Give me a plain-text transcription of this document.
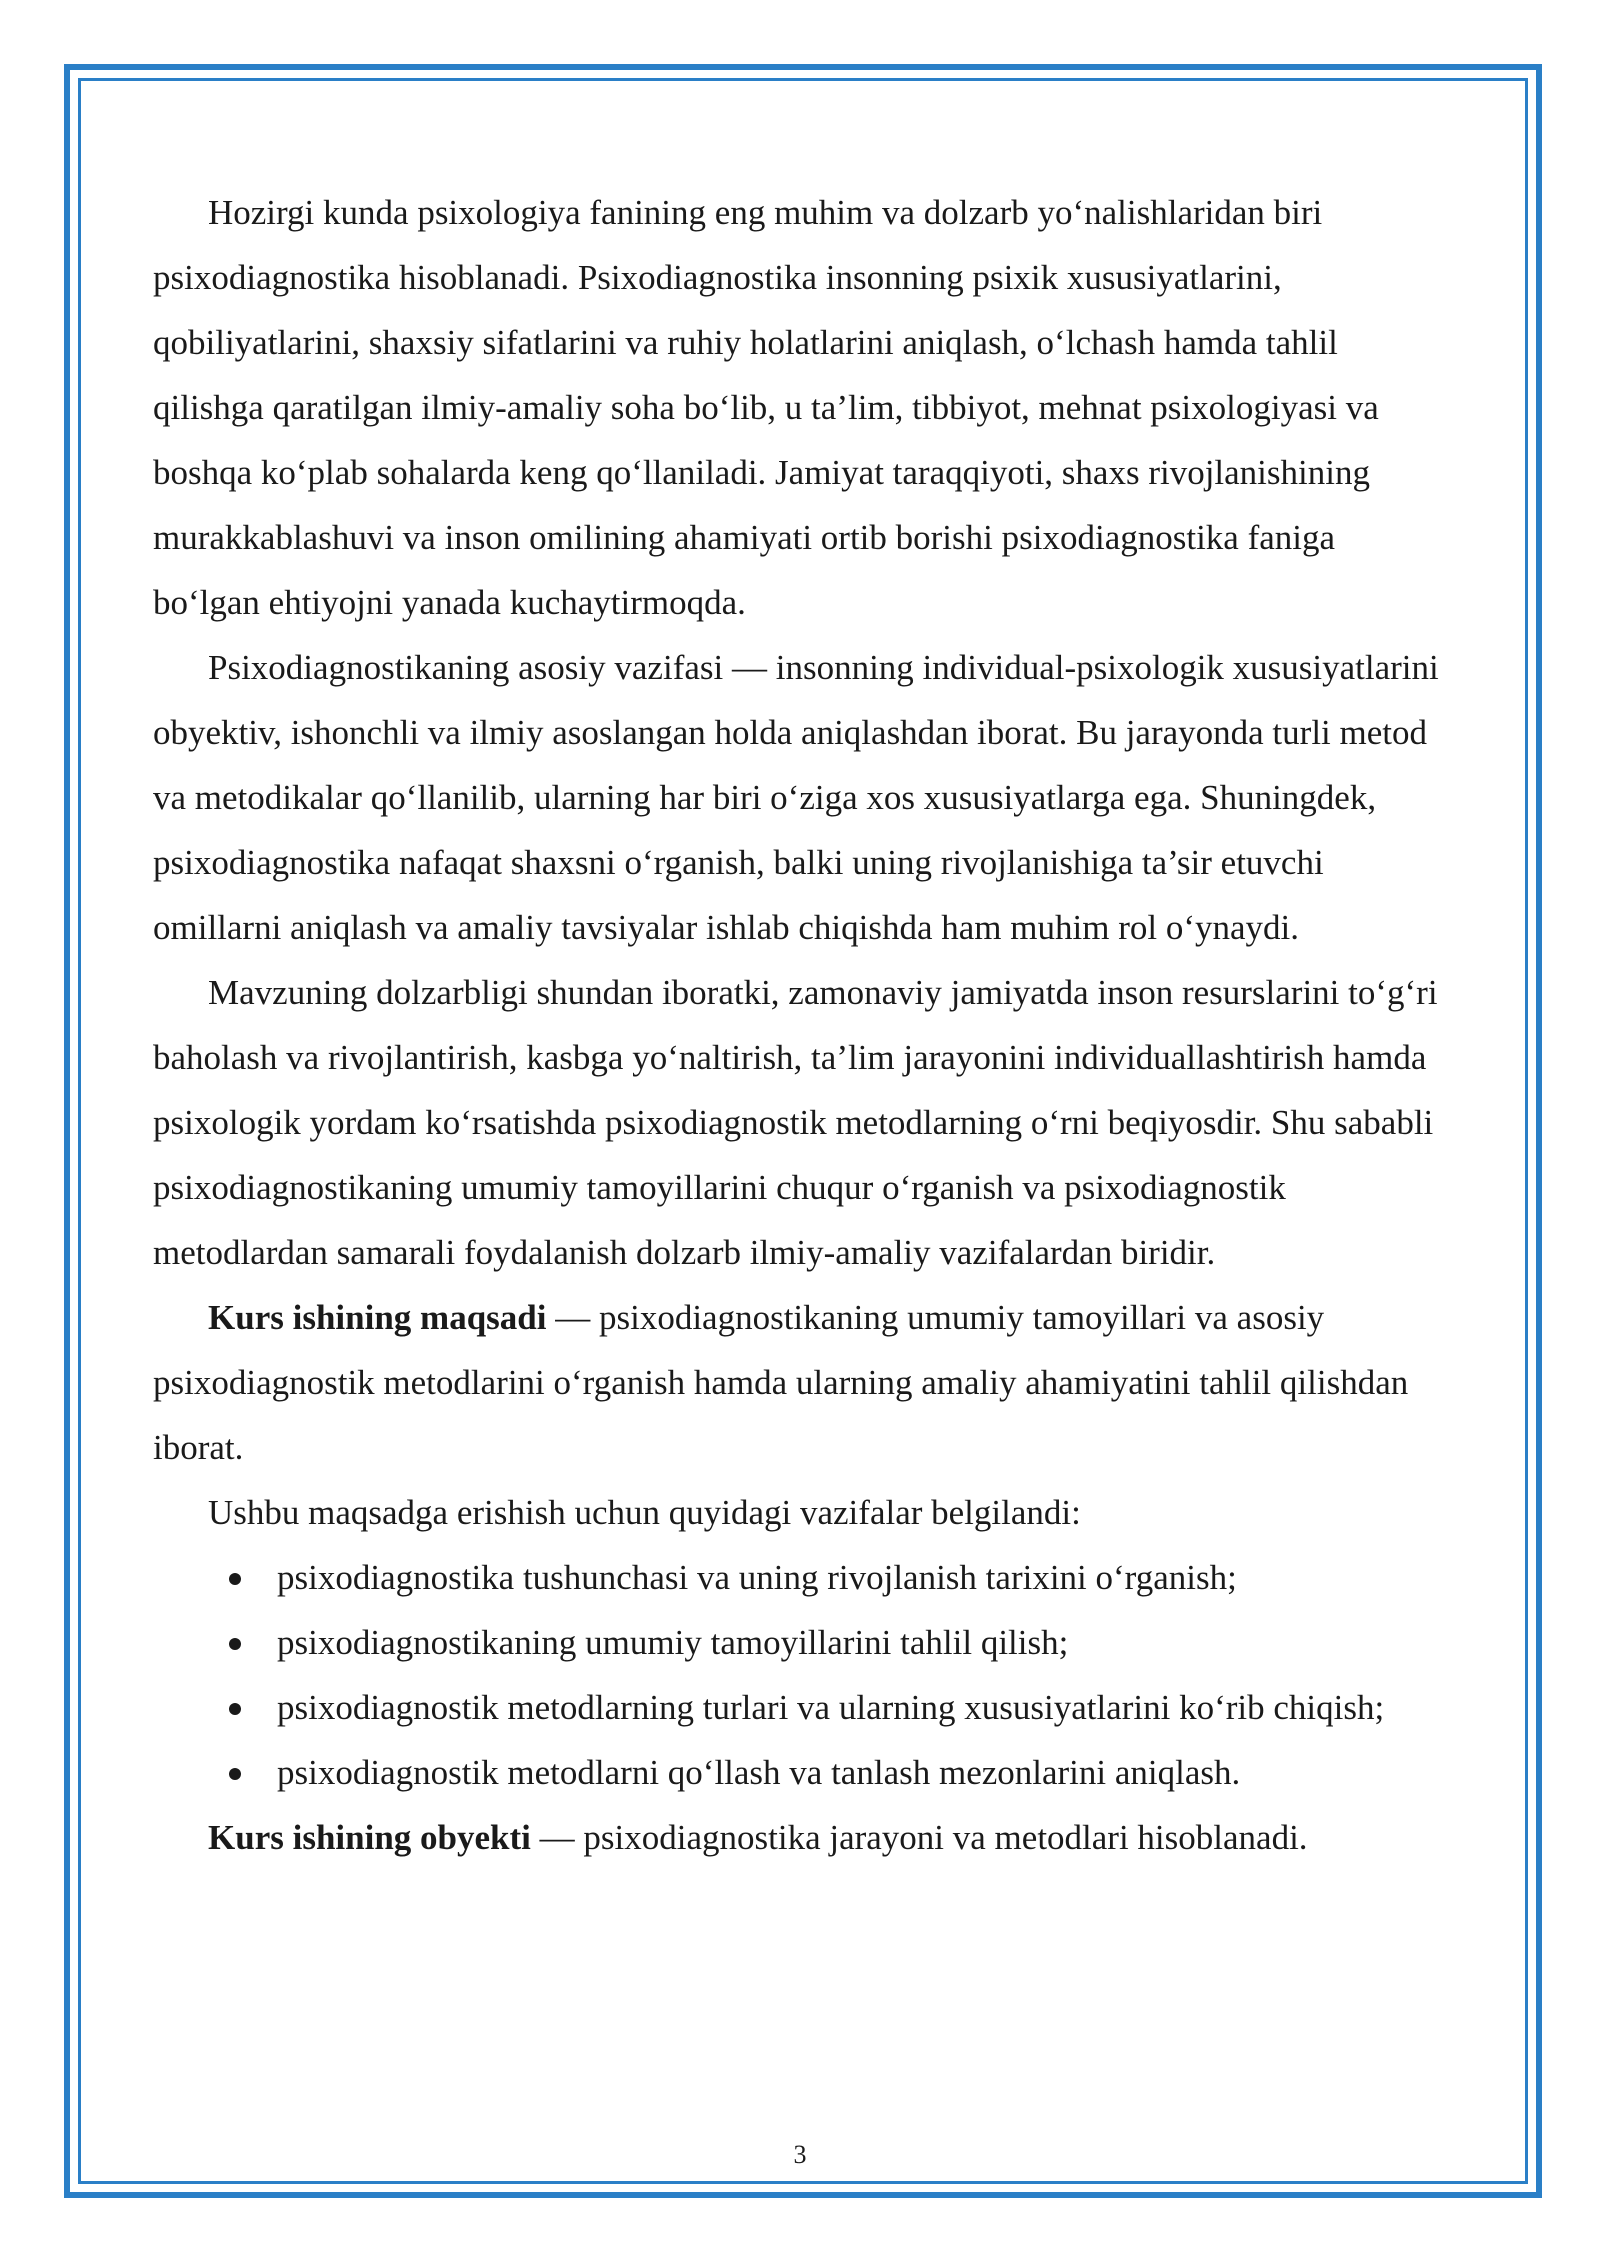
Hozirgi kunda psixologiya fanining eng muhim va dolzarb yo‘nalishlaridan biri psixodiagnostika hisoblanadi. Psixodiagnostika insonning psixik xususiyatlarini, qobiliyatlarini, shaxsiy sifatlarini va ruhiy holatlarini aniqlash, o‘lchash hamda tahlil qilishga qaratilgan ilmiy-amaliy soha bo‘lib, u ta’lim, tibbiyot, mehnat psixologiyasi va boshqa ko‘plab sohalarda keng qo‘llaniladi. Jamiyat taraqqiyoti, shaxs rivojlanishining murakkablashuvi va inson omilining ahamiyati ortib borishi psixodiagnostika faniga bo‘lgan ehtiyojni yanada kuchaytirmoqda.

Psixodiagnostikaning asosiy vazifasi — insonning individual-psixologik xususiyatlarini obyektiv, ishonchli va ilmiy asoslangan holda aniqlashdan iborat. Bu jarayonda turli metod va metodikalar qo‘llanilib, ularning har biri o‘ziga xos xususiyatlarga ega. Shuningdek, psixodiagnostika nafaqat shaxsni o‘rganish, balki uning rivojlanishiga ta’sir etuvchi omillarni aniqlash va amaliy tavsiyalar ishlab chiqishda ham muhim rol o‘ynaydi.

Mavzuning dolzarbligi shundan iboratki, zamonaviy jamiyatda inson resurslarini to‘g‘ri baholash va rivojlantirish, kasbga yo‘naltirish, ta’lim jarayonini individuallashtirish hamda psixologik yordam ko‘rsatishda psixodiagnostik metodlarning o‘rni beqiyosdir. Shu sababli psixodiagnostikaning umumiy tamoyillarini chuqur o‘rganish va psixodiagnostik metodlardan samarali foydalanish dolzarb ilmiy-amaliy vazifalardan biridir.

Kurs ishining maqsadi — psixodiagnostikaning umumiy tamoyillari va asosiy psixodiagnostik metodlarini o‘rganish hamda ularning amaliy ahamiyatini tahlil qilishdan iborat.

Ushbu maqsadga erishish uchun quyidagi vazifalar belgilandi:

psixodiagnostika tushunchasi va uning rivojlanish tarixini o‘rganish;
psixodiagnostikaning umumiy tamoyillarini tahlil qilish;
psixodiagnostik metodlarning turlari va ularning xususiyatlarini ko‘rib chiqish;
psixodiagnostik metodlarni qo‘llash va tanlash mezonlarini aniqlash.

Kurs ishining obyekti — psixodiagnostika jarayoni va metodlari hisoblanadi.

3
